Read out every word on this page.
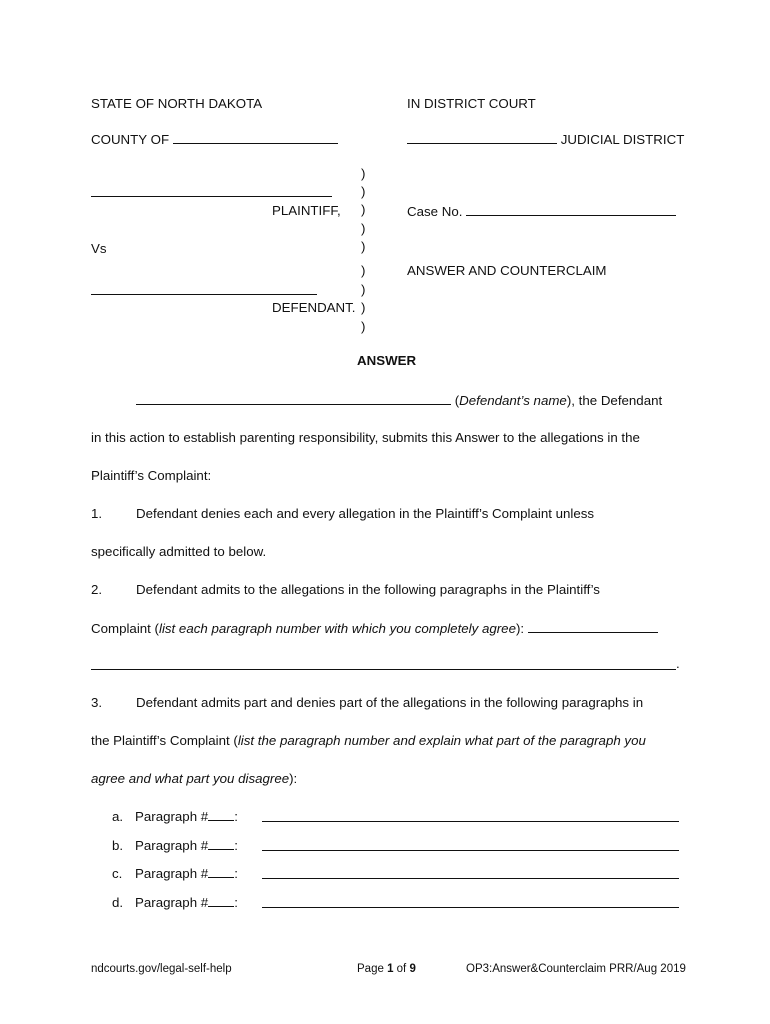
STATE OF NORTH DAKOTA	IN DISTRICT COURT
COUNTY OF	JUDICIAL DISTRICT
)
)
)
)
)
)
)
)
)
PLAINTIFF,	Case No.
Vs
ANSWER AND COUNTERCLAIM
DEFENDANT.
ANSWER
(Defendant’s name), the Defendant
in this action to establish parenting responsibility, submits this Answer to the allegations in the
Plaintiff’s Complaint:
1.	Defendant denies each and every allegation in the Plaintiff’s Complaint unless
specifically admitted to below.
2.	Defendant admits to the allegations in the following paragraphs in the Plaintiff’s
Complaint (list each paragraph number with which you completely agree):
.
3.	Defendant admits part and denies part of the allegations in the following paragraphs in
the Plaintiff’s Complaint (list the paragraph number and explain what part of the paragraph you
agree and what part you disagree):
a. Paragraph # :
b. Paragraph # :
c. Paragraph # :
d. Paragraph # :
ndcourts.gov/legal-self-help	Page 1 of 9	OP3:Answer&Counterclaim PRR/Aug 2019
